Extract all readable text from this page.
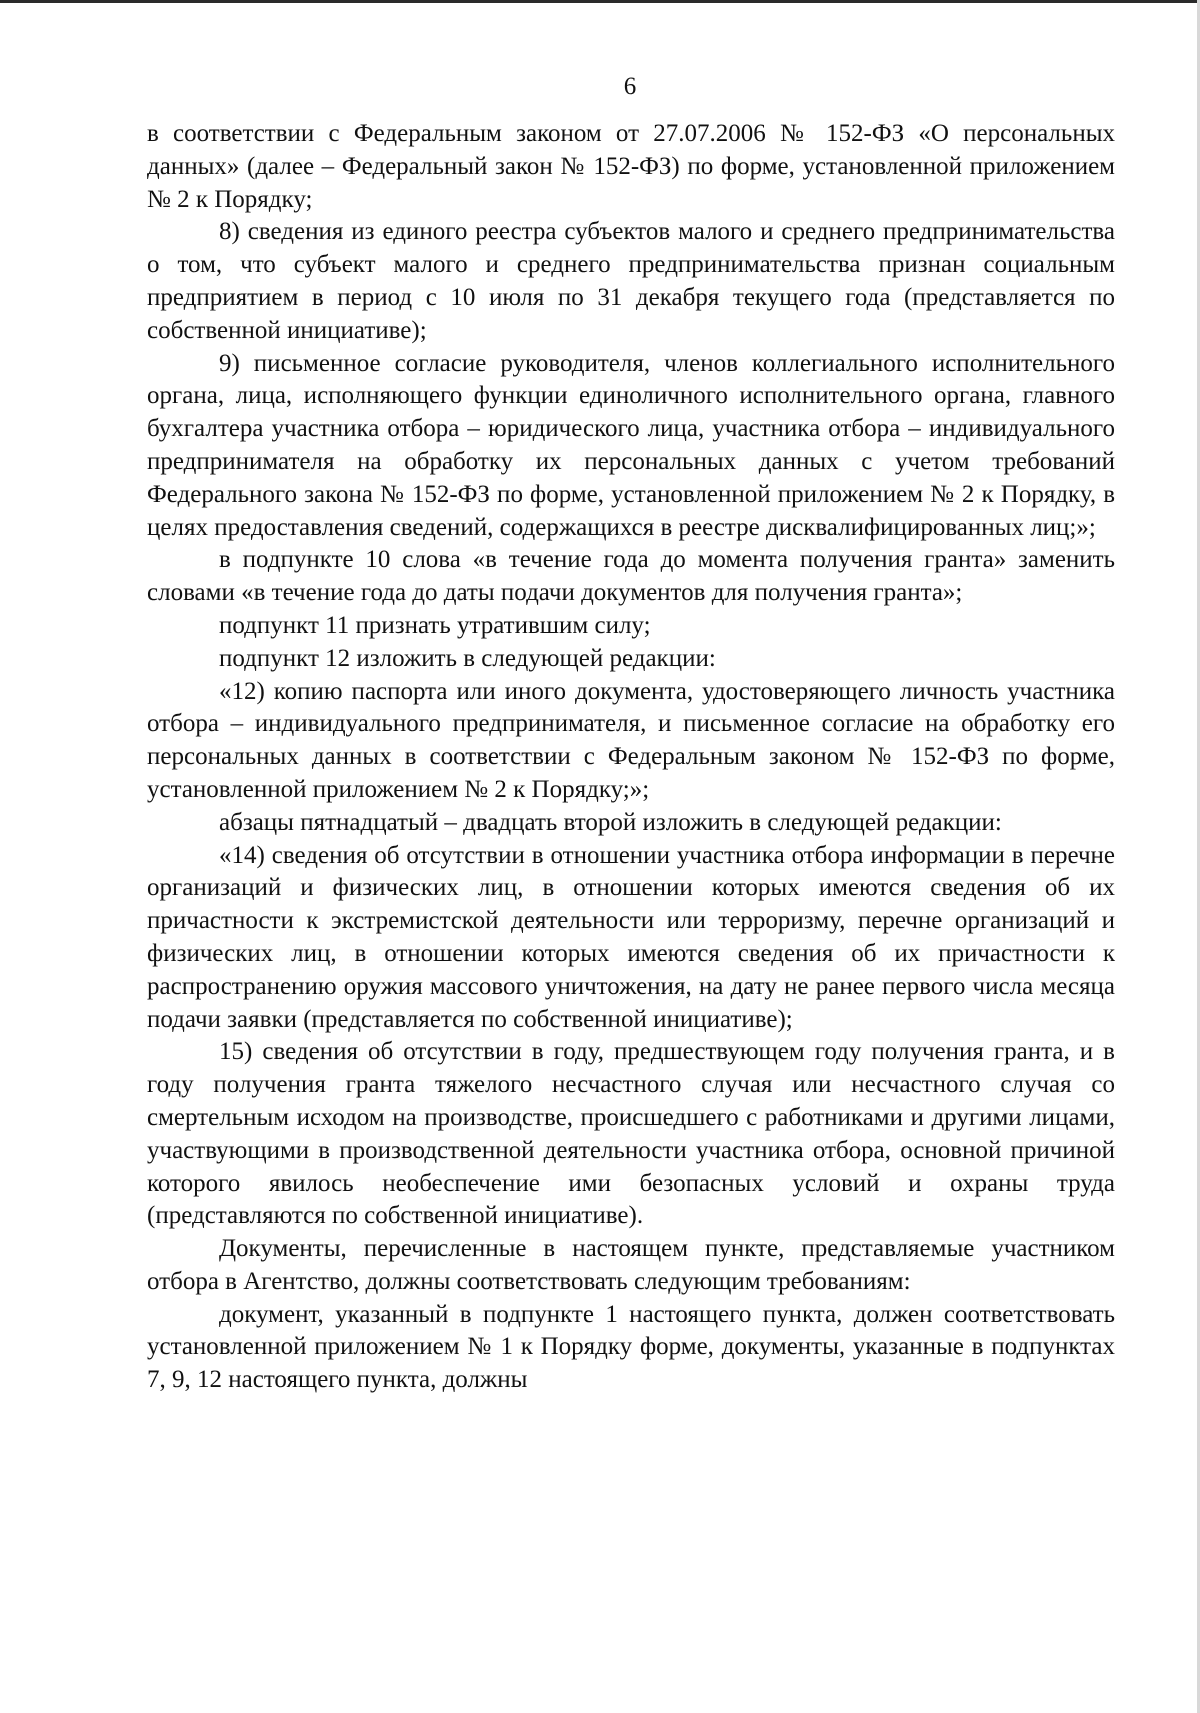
6

в соответствии с Федеральным законом от 27.07.2006 № 152-ФЗ «О персональных данных» (далее – Федеральный закон № 152-ФЗ) по форме, установленной приложением № 2 к Порядку;

8) сведения из единого реестра субъектов малого и среднего предпринимательства о том, что субъект малого и среднего предпринимательства признан социальным предприятием в период с 10 июля по 31 декабря текущего года (представляется по собственной инициативе);

9) письменное согласие руководителя, членов коллегиального исполнительного органа, лица, исполняющего функции единоличного исполнительного органа, главного бухгалтера участника отбора – юридического лица, участника отбора – индивидуального предпринимателя на обработку их персональных данных с учетом требований Федерального закона № 152-ФЗ по форме, установленной приложением № 2 к Порядку, в целях предоставления сведений, содержащихся в реестре дисквалифицированных лиц;»;

в подпункте 10 слова «в течение года до момента получения гранта» заменить словами «в течение года до даты подачи документов для получения гранта»;

подпункт 11 признать утратившим силу;

подпункт 12 изложить в следующей редакции:

«12) копию паспорта или иного документа, удостоверяющего личность участника отбора – индивидуального предпринимателя, и письменное согласие на обработку его персональных данных в соответствии с Федеральным законом № 152-ФЗ по форме, установленной приложением № 2 к Порядку;»;

абзацы пятнадцатый – двадцать второй изложить в следующей редакции:

«14) сведения об отсутствии в отношении участника отбора информации в перечне организаций и физических лиц, в отношении которых имеются сведения об их причастности к экстремистской деятельности или терроризму, перечне организаций и физических лиц, в отношении которых имеются сведения об их причастности к распространению оружия массового уничтожения, на дату не ранее первого числа месяца подачи заявки (представляется по собственной инициативе);

15) сведения об отсутствии в году, предшествующем году получения гранта, и в году получения гранта тяжелого несчастного случая или несчастного случая со смертельным исходом на производстве, происшедшего с работниками и другими лицами, участвующими в производственной деятельности участника отбора, основной причиной которого явилось необеспечение ими безопасных условий и охраны труда (представляются по собственной инициативе).

Документы, перечисленные в настоящем пункте, представляемые участником отбора в Агентство, должны соответствовать следующим требованиям:

документ, указанный в подпункте 1 настоящего пункта, должен соответствовать установленной приложением № 1 к Порядку форме, документы, указанные в подпунктах 7, 9, 12 настоящего пункта, должны
